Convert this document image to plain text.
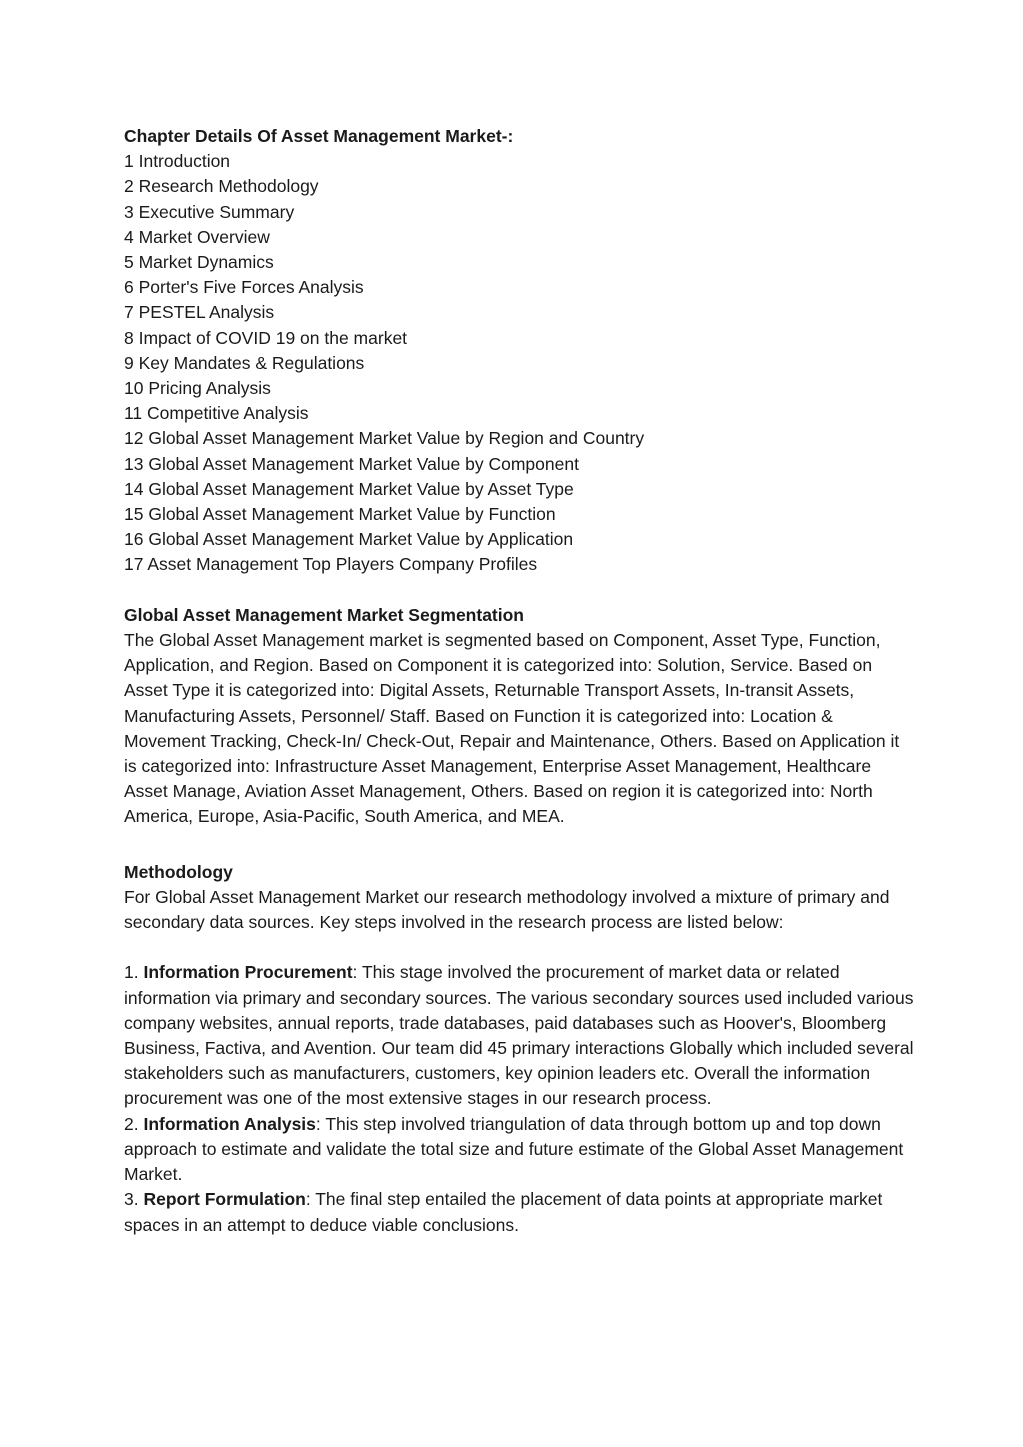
Chapter Details Of Asset Management Market-:

1 Introduction

2 Research Methodology

3 Executive Summary

4 Market Overview

5 Market Dynamics

6 Porter's Five Forces Analysis

7 PESTEL Analysis

8 Impact of COVID 19 on the market

9 Key Mandates & Regulations

10 Pricing Analysis

11 Competitive Analysis

12 Global Asset Management Market Value by Region and Country

13 Global Asset Management Market Value by Component

14 Global Asset Management Market Value by Asset Type

15 Global Asset Management Market Value by Function

16 Global Asset Management Market Value by Application

17 Asset Management Top Players Company Profiles

Global Asset Management Market Segmentation

The Global Asset Management market is segmented based on Component, Asset Type, Function, Application, and Region. Based on Component it is categorized into: Solution, Service. Based on Asset Type it is categorized into: Digital Assets, Returnable Transport Assets, In-transit Assets, Manufacturing Assets, Personnel/ Staff. Based on Function it is categorized into: Location & Movement Tracking, Check-In/ Check-Out, Repair and Maintenance, Others. Based on Application it is categorized into: Infrastructure Asset Management, Enterprise Asset Management, Healthcare Asset Manage, Aviation Asset Management, Others. Based on region it is categorized into: North America, Europe, Asia-Pacific, South America, and MEA.

Methodology

For Global Asset Management Market our research methodology involved a mixture of primary and secondary data sources. Key steps involved in the research process are listed below:

1. Information Procurement: This stage involved the procurement of market data or related information via primary and secondary sources. The various secondary sources used included various company websites, annual reports, trade databases, paid databases such as Hoover's, Bloomberg Business, Factiva, and Avention. Our team did 45 primary interactions Globally which included several stakeholders such as manufacturers, customers, key opinion leaders etc. Overall the information procurement was one of the most extensive stages in our research process.

2. Information Analysis: This step involved triangulation of data through bottom up and top down approach to estimate and validate the total size and future estimate of the Global Asset Management Market.

3. Report Formulation: The final step entailed the placement of data points at appropriate market spaces in an attempt to deduce viable conclusions.
